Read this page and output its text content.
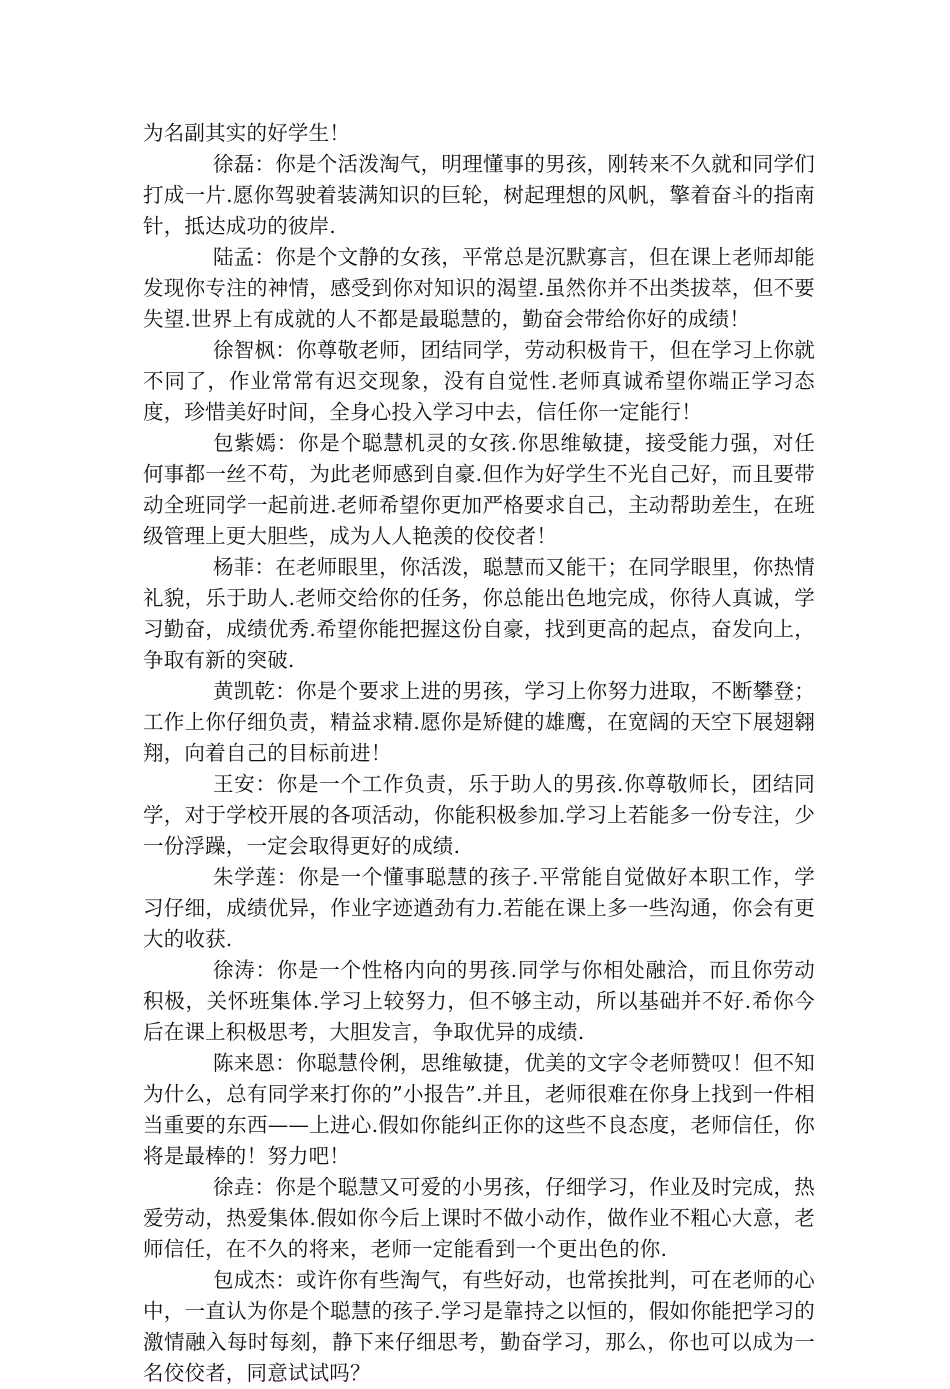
为名副其实的好学生！

徐磊：你是个活泼淘气，明理懂事的男孩，刚转来不久就和同学们打成一片.愿你驾驶着装满知识的巨轮，树起理想的风帆，擎着奋斗的指南针，抵达成功的彼岸.

陆孟：你是个文静的女孩，平常总是沉默寡言，但在课上老师却能发现你专注的神情，感受到你对知识的渴望.虽然你并不出类拔萃，但不要失望.世界上有成就的人不都是最聪慧的，勤奋会带给你好的成绩！

徐智枫：你尊敬老师，团结同学，劳动积极肯干，但在学习上你就不同了，作业常常有迟交现象，没有自觉性.老师真诚希望你端正学习态度，珍惜美好时间，全身心投入学习中去，信任你一定能行！

包紫嫣：你是个聪慧机灵的女孩.你思维敏捷，接受能力强，对任何事都一丝不苟，为此老师感到自豪.但作为好学生不光自己好，而且要带动全班同学一起前进.老师希望你更加严格要求自己，主动帮助差生，在班级管理上更大胆些，成为人人艳羡的佼佼者！

杨菲：在老师眼里，你活泼，聪慧而又能干；在同学眼里，你热情礼貌，乐于助人.老师交给你的任务，你总能出色地完成，你待人真诚，学习勤奋，成绩优秀.希望你能把握这份自豪，找到更高的起点，奋发向上，争取有新的突破.

黄凯乾：你是个要求上进的男孩，学习上你努力进取，不断攀登；工作上你仔细负责，精益求精.愿你是矫健的雄鹰，在宽阔的天空下展翅翱翔，向着自己的目标前进！

王安：你是一个工作负责，乐于助人的男孩.你尊敬师长，团结同学，对于学校开展的各项活动，你能积极参加.学习上若能多一份专注，少一份浮躁，一定会取得更好的成绩.

朱学莲：你是一个懂事聪慧的孩子.平常能自觉做好本职工作，学习仔细，成绩优异，作业字迹遒劲有力.若能在课上多一些沟通，你会有更大的收获.

徐涛：你是一个性格内向的男孩.同学与你相处融洽，而且你劳动积极，关怀班集体.学习上较努力，但不够主动，所以基础并不好.希你今后在课上积极思考，大胆发言，争取优异的成绩.

陈来恩：你聪慧伶俐，思维敏捷，优美的文字令老师赞叹！但不知为什么，总有同学来打你的”小报告”.并且，老师很难在你身上找到一件相当重要的东西——上进心.假如你能纠正你的这些不良态度，老师信任，你将是最棒的！努力吧！

徐垚：你是个聪慧又可爱的小男孩，仔细学习，作业及时完成，热爱劳动，热爱集体.假如你今后上课时不做小动作，做作业不粗心大意，老师信任，在不久的将来，老师一定能看到一个更出色的你.

包成杰：或许你有些淘气，有些好动，也常挨批判，可在老师的心中，一直认为你是个聪慧的孩子.学习是靠持之以恒的，假如你能把学习的激情融入每时每刻，静下来仔细思考，勤奋学习，那么，你也可以成为一名佼佼者，同意试试吗？
